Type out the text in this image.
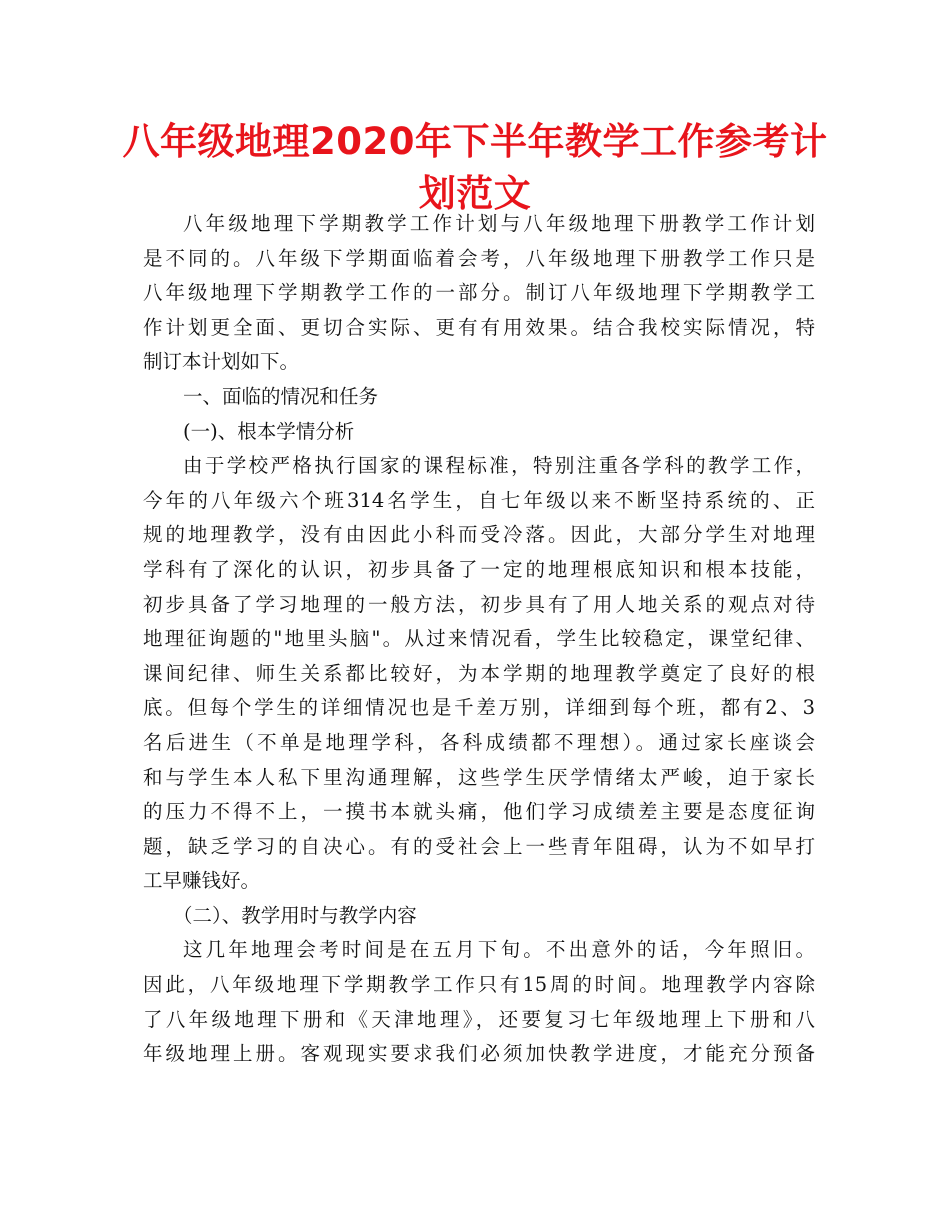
八年级地理2020年下半年教学工作参考计划范文
八年级地理下学期教学工作计划与八年级地理下册教学工作计划
是不同的。八年级下学期面临着会考，八年级地理下册教学工作只是
八年级地理下学期教学工作的一部分。制订八年级地理下学期教学工
作计划更全面、更切合实际、更有有用效果。结合我校实际情况，特
制订本计划如下。
一、面临的情况和任务
(一)、根本学情分析
由于学校严格执行国家的课程标准，特别注重各学科的教学工作，
今年的八年级六个班314名学生，自七年级以来不断坚持系统的、正
规的地理教学，没有由因此小科而受冷落。因此，大部分学生对地理
学科有了深化的认识，初步具备了一定的地理根底知识和根本技能，
初步具备了学习地理的一般方法，初步具有了用人地关系的观点对待
地理征询题的"地里头脑"。从过来情况看，学生比较稳定，课堂纪律、
课间纪律、师生关系都比较好，为本学期的地理教学奠定了良好的根
底。但每个学生的详细情况也是千差万别，详细到每个班，都有2、3
名后进生（不单是地理学科，各科成绩都不理想）。通过家长座谈会
和与学生本人私下里沟通理解，这些学生厌学情绪太严峻，迫于家长
的压力不得不上，一摸书本就头痛，他们学习成绩差主要是态度征询
题，缺乏学习的自决心。有的受社会上一些青年阻碍，认为不如早打
工早赚钱好。
（二）、教学用时与教学内容
这几年地理会考时间是在五月下旬。不出意外的话，今年照旧。
因此，八年级地理下学期教学工作只有15周的时间。地理教学内容除
了八年级地理下册和《天津地理》，还要复习七年级地理上下册和八
年级地理上册。客观现实要求我们必须加快教学进度，才能充分预备
